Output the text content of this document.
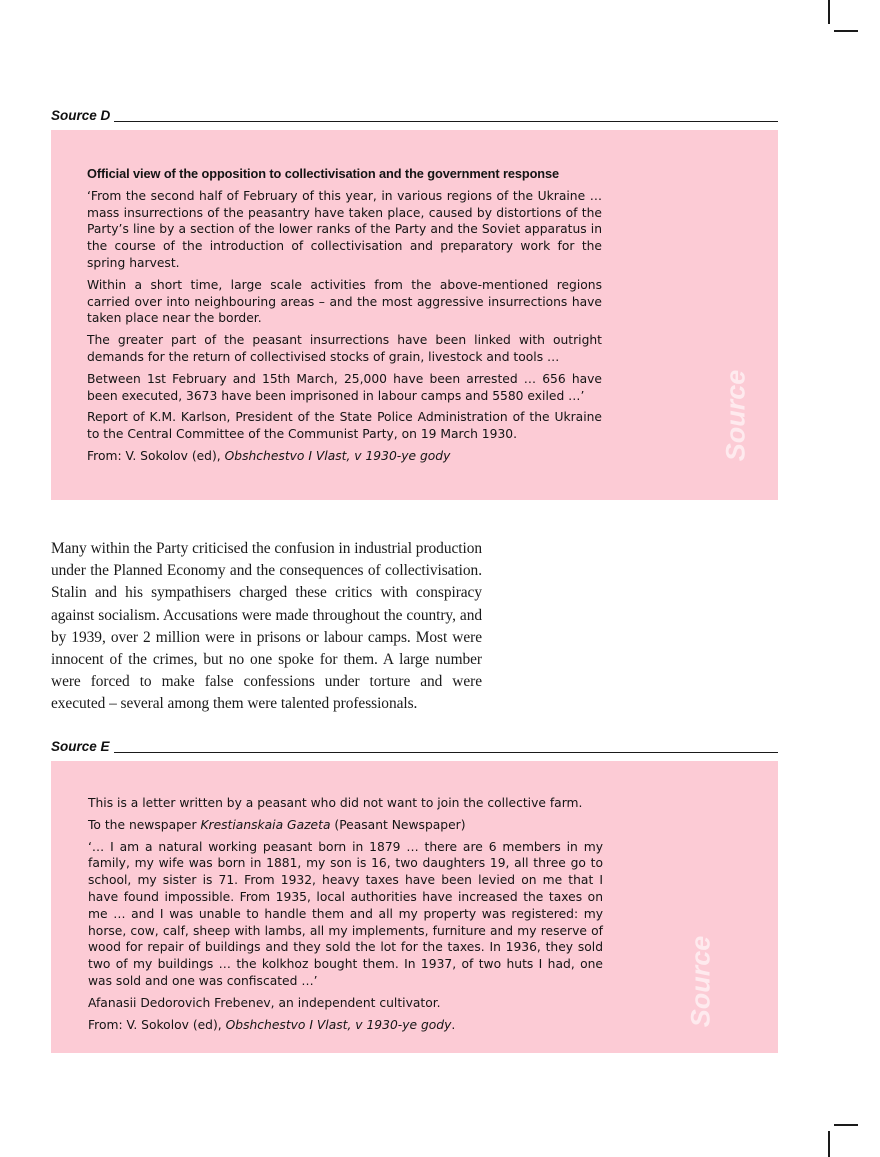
Source D

Official view of the opposition to collectivisation and the government response

‘From the second half of February of this year, in various regions of the Ukraine … mass insurrections of the peasantry have taken place, caused by distortions of the Party’s line by a section of the lower ranks of the Party and the Soviet apparatus in the course of the introduction of collectivisation and preparatory work for the spring harvest.

Within a short time, large scale activities from the above-mentioned regions carried over into neighbouring areas – and the most aggressive insurrections have taken place near the border.

The greater part of the peasant insurrections have been linked with outright demands for the return of collectivised stocks of grain, livestock and tools …

Between 1st February and 15th March, 25,000 have been arrested … 656 have been executed, 3673 have been imprisoned in labour camps and 5580 exiled …’

Report of K.M. Karlson, President of the State Police Administration of the Ukraine to the Central Committee of the Communist Party, on 19 March 1930.

From: V. Sokolov (ed), Obshchestvo I Vlast, v 1930-ye gody	Source

Many within the Party criticised the confusion in industrial production under the Planned Economy and the consequences of collectivisation. Stalin and his sympathisers charged these critics with conspiracy against socialism. Accusations were made throughout the country, and by 1939, over 2 million were in prisons or labour camps. Most were innocent of the crimes, but no one spoke for them. A large number were forced to make false confessions under torture and were executed – several among them were talented professionals.

Source E

This is a letter written by a peasant who did not want to join the collective farm.

To the newspaper Krestianskaia Gazeta (Peasant Newspaper)

‘… I am a natural working peasant born in 1879 … there are 6 members in my family, my wife was born in 1881, my son is 16, two daughters 19, all three go to school, my sister is 71. From 1932, heavy taxes have been levied on me that I have found impossible. From 1935, local authorities have increased the taxes on me … and I was unable to handle them and all my property was registered: my horse, cow, calf, sheep with lambs, all my implements, furniture and my reserve of wood for repair of buildings and they sold the lot for the taxes. In 1936, they sold two of my buildings … the kolkhoz bought them. In 1937, of two huts I had, one was sold and one was confiscated …’

Afanasii Dedorovich Frebenev, an independent cultivator.

From: V. Sokolov (ed), Obshchestvo I Vlast, v 1930-ye gody.	Source
